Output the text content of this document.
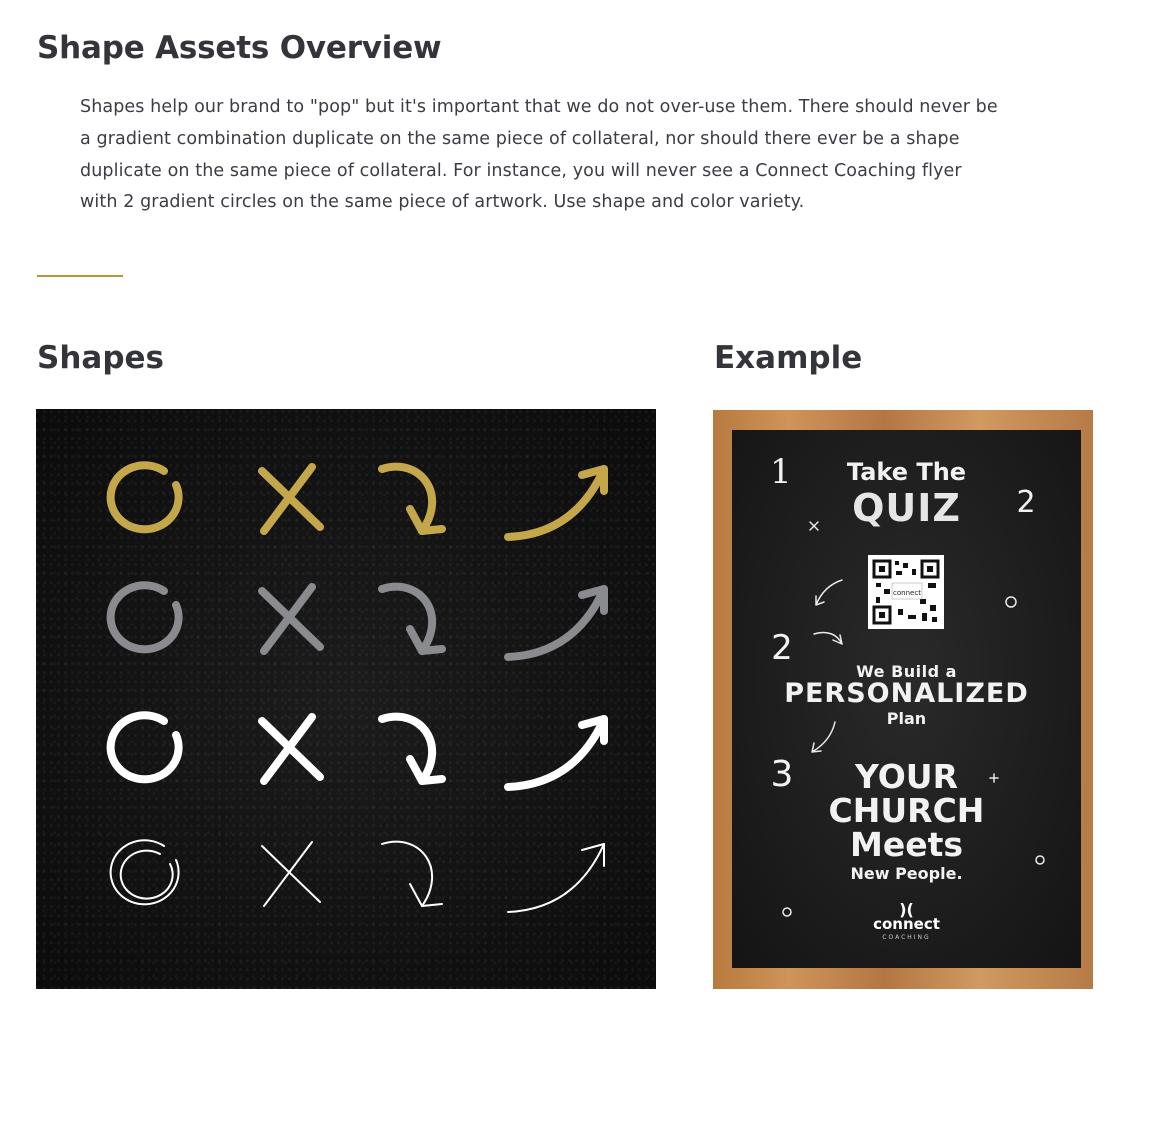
Shape Assets Overview

Shapes help our brand to "pop" but it's important that we do not over-use them. There should never be a gradient combination duplicate on the same piece of collateral, nor should there ever be a shape duplicate on the same piece of collateral. For instance, you will never see a Connect Coaching flyer with 2 gradient circles on the same piece of artwork. Use shape and color variety.

Shapes	Example
Take The
QUIZ
1
2
connect
2
We Build a
PERSONALIZED
Plan
3	YOUR
CHURCH
Meets
New People.
)(
connect
COACHING
